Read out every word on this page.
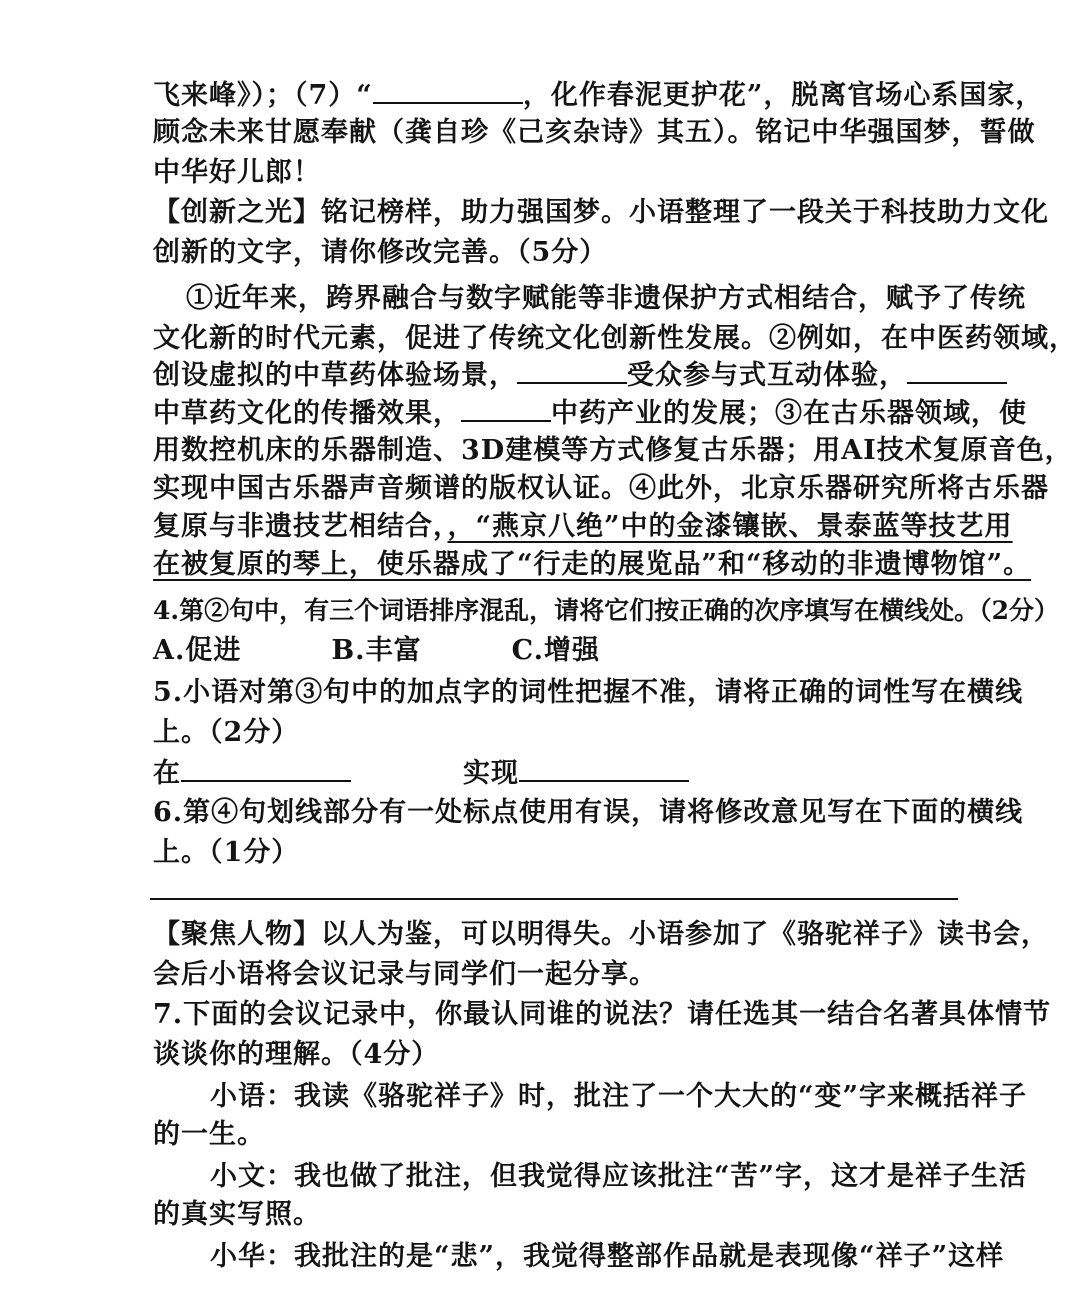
飞来峰》）；（7）“	，化作春泥更护花”，脱离官场心系国家，
顾念未来甘愿奉献（龚自珍《己亥杂诗》其五）。铭记中华强国梦，誓做
中华好儿郎！
【创新之光】铭记榜样，助力强国梦。小语整理了一段关于科技助力文化
创新的文字，请你修改完善。（5分）
①近年来，跨界融合与数字赋能等非遗保护方式相结合，赋予了传统
文化新的时代元素，促进了传统文化创新性发展。②例如，在中医药领域，
创设虚拟的中草药体验场景，	受众参与式互动体验，
中草药文化的传播效果，	中药产业的发展；③在古乐器领域，使
用数控机床的乐器制造、3D建模等方式修复古乐器；用AI技术复原音色，
实现中国古乐器声音频谱的版权认证。④此外，北京乐器研究所将古乐器
复原与非遗技艺相结合，，“燕京八绝”中的金漆镶嵌、景泰蓝等技艺用
在被复原的琴上，使乐器成了“行走的展览品”和“移动的非遗博物馆”。
4.第②句中，有三个词语排序混乱，请将它们按正确的次序填写在横线处。（2分）
A.促进	B.丰富	C.增强
5.小语对第③句中的加点字的词性把握不准，请将正确的词性写在横线
上。（2分）
在	实现
6.第④句划线部分有一处标点使用有误，请将修改意见写在下面的横线
上。（1分）
【聚焦人物】以人为鉴，可以明得失。小语参加了《骆驼祥子》读书会，
会后小语将会议记录与同学们一起分享。
7.下面的会议记录中，你最认同谁的说法？请任选其一结合名著具体情节
谈谈你的理解。（4分）
小语：我读《骆驼祥子》时，批注了一个大大的“变”字来概括祥子
的一生。
小文：我也做了批注，但我觉得应该批注“苦”字，这才是祥子生活
的真实写照。
小华：我批注的是“悲”，我觉得整部作品就是表现像“祥子”这样
